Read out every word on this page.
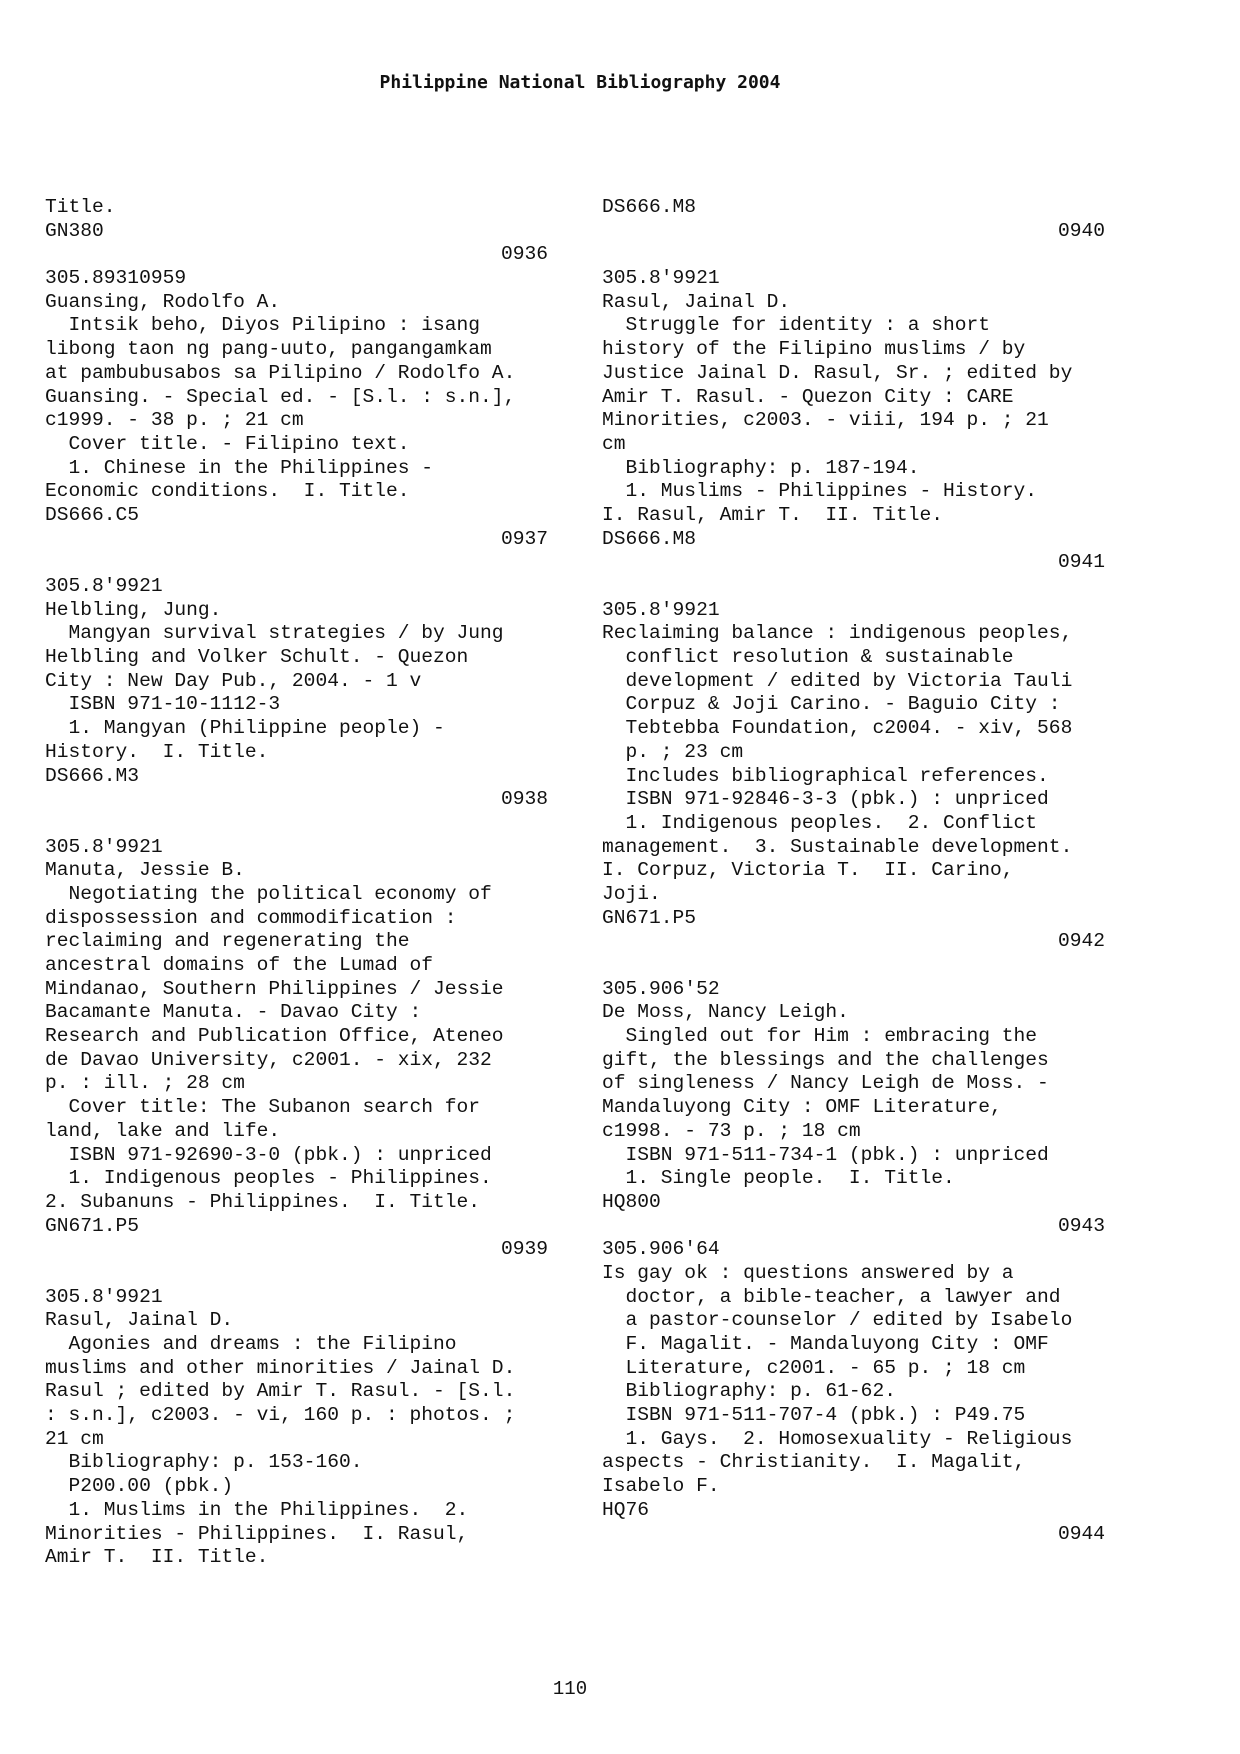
Philippine National Bibliography 2004
Title.
GN380
0936
305.89310959
Guansing, Rodolfo A.
Intsik beho, Diyos Pilipino : isang
libong taon ng pang-uuto, pangangamkam
at pambubusabos sa Pilipino / Rodolfo A.
Guansing. - Special ed. - [S.l. : s.n.],
c1999. - 38 p. ; 21 cm
Cover title. - Filipino text.
1. Chinese in the Philippines -
Economic conditions.  I. Title.
DS666.C5
0937
305.8'9921
Helbling, Jung.
Mangyan survival strategies / by Jung
Helbling and Volker Schult. - Quezon
City : New Day Pub., 2004. - 1 v
ISBN 971-10-1112-3
1. Mangyan (Philippine people) -
History.  I. Title.
DS666.M3
0938
305.8'9921
Manuta, Jessie B.
Negotiating the political economy of
dispossession and commodification :
reclaiming and regenerating the
ancestral domains of the Lumad of
Mindanao, Southern Philippines / Jessie
Bacamante Manuta. - Davao City :
Research and Publication Office, Ateneo
de Davao University, c2001. - xix, 232
p. : ill. ; 28 cm
Cover title: The Subanon search for
land, lake and life.
ISBN 971-92690-3-0 (pbk.) : unpriced
1. Indigenous peoples - Philippines.
2. Subanuns - Philippines.  I. Title.
GN671.P5
0939
305.8'9921
Rasul, Jainal D.
Agonies and dreams : the Filipino
muslims and other minorities / Jainal D.
Rasul ; edited by Amir T. Rasul. - [S.l.
: s.n.], c2003. - vi, 160 p. : photos. ;
21 cm
Bibliography: p. 153-160.
P200.00 (pbk.)
1. Muslims in the Philippines.  2.
Minorities - Philippines.  I. Rasul,
Amir T.  II. Title.
DS666.M8
0940
305.8'9921
Rasul, Jainal D.
Struggle for identity : a short
history of the Filipino muslims / by
Justice Jainal D. Rasul, Sr. ; edited by
Amir T. Rasul. - Quezon City : CARE
Minorities, c2003. - viii, 194 p. ; 21
cm
Bibliography: p. 187-194.
1. Muslims - Philippines - History.
I. Rasul, Amir T.  II. Title.
DS666.M8
0941
305.8'9921
Reclaiming balance : indigenous peoples,
conflict resolution & sustainable
development / edited by Victoria Tauli
Corpuz & Joji Carino. - Baguio City :
Tebtebba Foundation, c2004. - xiv, 568
p. ; 23 cm
Includes bibliographical references.
ISBN 971-92846-3-3 (pbk.) : unpriced
1. Indigenous peoples.  2. Conflict
management.  3. Sustainable development.
I. Corpuz, Victoria T.  II. Carino,
Joji.
GN671.P5
0942
305.906'52
De Moss, Nancy Leigh.
Singled out for Him : embracing the
gift, the blessings and the challenges
of singleness / Nancy Leigh de Moss. -
Mandaluyong City : OMF Literature,
c1998. - 73 p. ; 18 cm
ISBN 971-511-734-1 (pbk.) : unpriced
1. Single people.  I. Title.
HQ800
0943
305.906'64
Is gay ok : questions answered by a
doctor, a bible-teacher, a lawyer and
a pastor-counselor / edited by Isabelo
F. Magalit. - Mandaluyong City : OMF
Literature, c2001. - 65 p. ; 18 cm
Bibliography: p. 61-62.
ISBN 971-511-707-4 (pbk.) : P49.75
1. Gays.  2. Homosexuality - Religious
aspects - Christianity.  I. Magalit,
Isabelo F.
HQ76
0944
110
